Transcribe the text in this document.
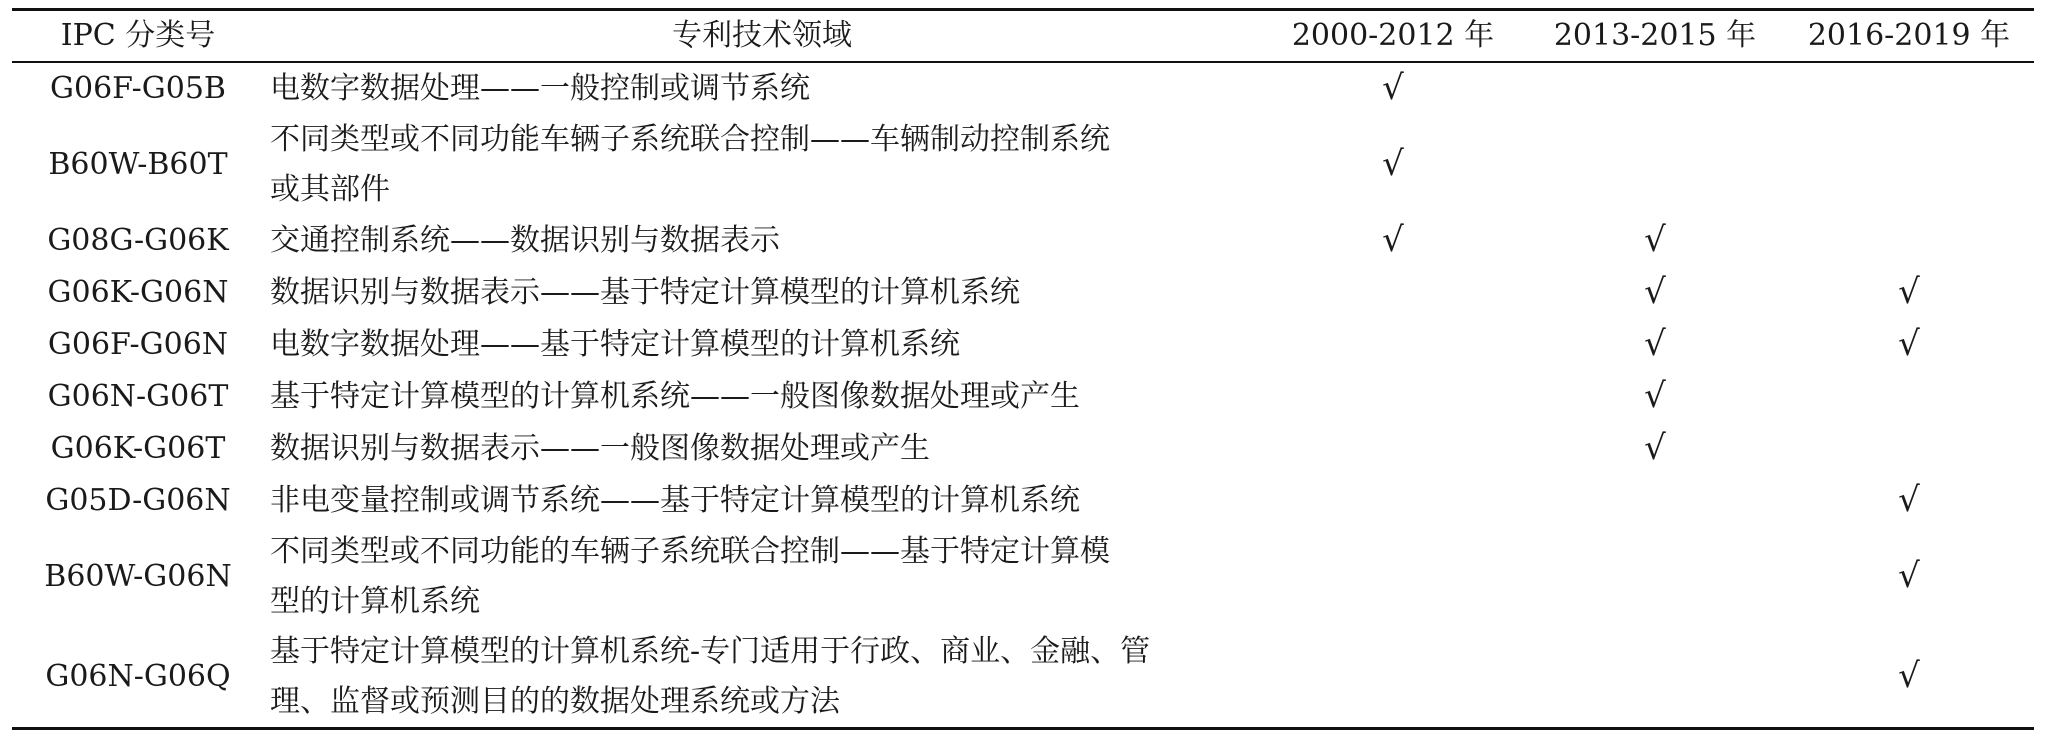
IPC 分类号	专利技术领域	2000-2012 年	2013-2015 年	2016-2019 年
G06F-G05B	电数字数据处理——一般控制或调节系统	√		
B60W-B60T	不同类型或不同功能车辆子系统联合控制——车辆制动控制系统
或其部件	√		
G08G-G06K	交通控制系统——数据识别与数据表示	√	√	
G06K-G06N	数据识别与数据表示——基于特定计算模型的计算机系统		√	√
G06F-G06N	电数字数据处理——基于特定计算模型的计算机系统		√	√
G06N-G06T	基于特定计算模型的计算机系统——一般图像数据处理或产生		√	
G06K-G06T	数据识别与数据表示——一般图像数据处理或产生		√	
G05D-G06N	非电变量控制或调节系统——基于特定计算模型的计算机系统			√
B60W-G06N	不同类型或不同功能的车辆子系统联合控制——基于特定计算模
型的计算机系统			√
G06N-G06Q	基于特定计算模型的计算机系统-专门适用于行政、商业、金融、管
理、监督或预测目的的数据处理系统或方法			√
